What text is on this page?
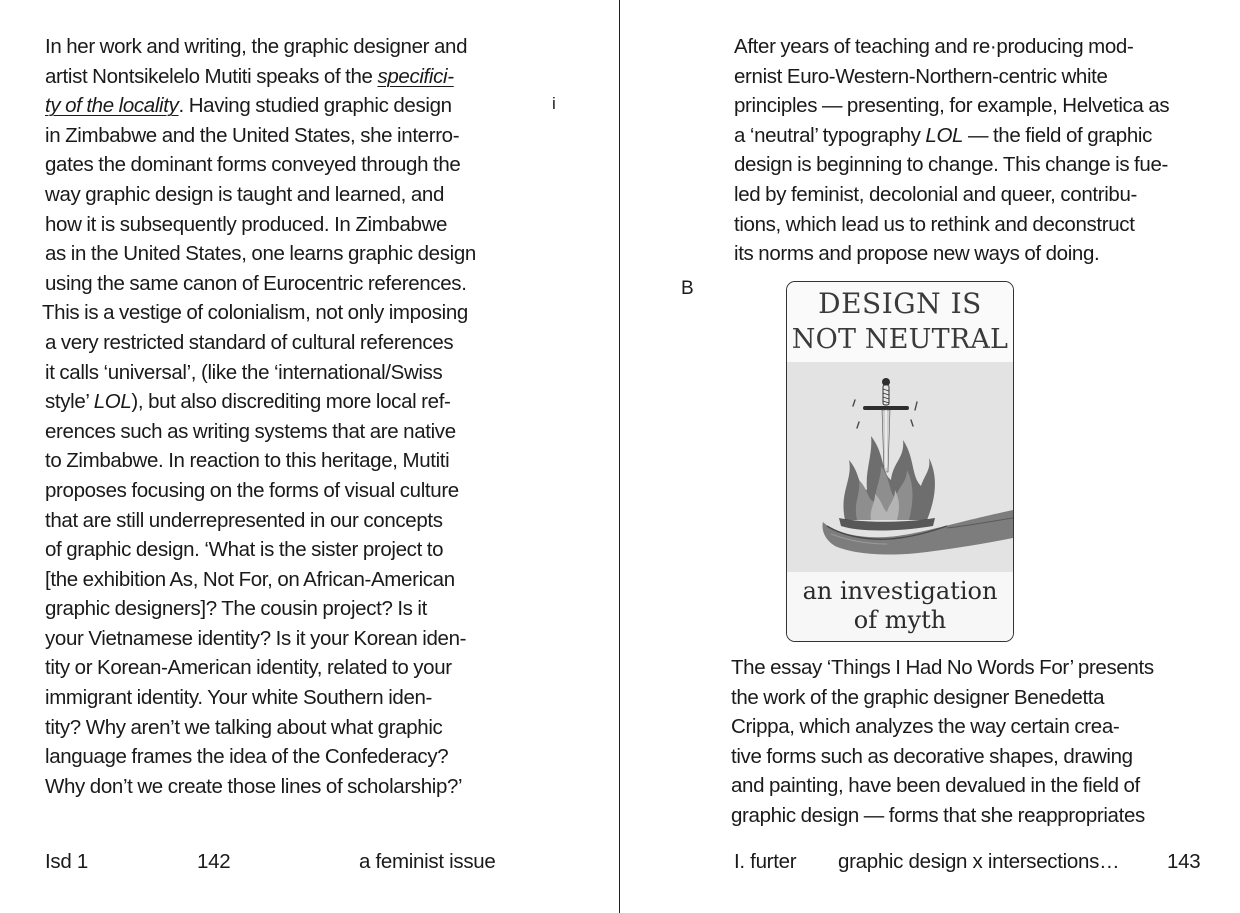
In her work and writing, the graphic designer and
artist Nontsikelelo Mutiti speaks of the specifici-
ty of the locality. Having studied graphic design
in Zimbabwe and the United States, she interro-
gates the dominant forms conveyed through the
way graphic design is taught and learned, and
how it is subsequently produced. In Zimbabwe
as in the United States, one learns graphic design
using the same canon of Eurocentric references.
This is a vestige of colonialism, not only imposing
a very restricted standard of cultural references
it calls ‘universal’, (like the ‘international/Swiss
style’ LOL), but also discrediting more local ref-
erences such as writing systems that are native
to Zimbabwe. In reaction to this heritage, Mutiti
proposes focusing on the forms of visual culture
that are still underrepresented in our concepts
of graphic design. ‘What is the sister project to
[the exhibition As, Not For, on African-American
graphic designers]? The cousin project? Is it
your Vietnamese identity? Is it your Korean iden-
tity or Korean-American identity, related to your
immigrant identity. Your white Southern iden-
tity? Why aren’t we talking about what graphic
language frames the idea of the Confederacy?
Why don’t we create those lines of scholarship?’
i
Isd 1	142	a feminist issue
After years of teaching and re·producing mod-
ernist Euro-Western-Northern-centric white
principles — presenting, for example, Helvetica as
a ‘neutral’ typography LOL — the field of graphic
design is beginning to change. This change is fue-
led by feminist, decolonial and queer, contribu-
tions, which lead us to rethink and deconstruct
its norms and propose new ways of doing.
B	DESIGN IS
NOT NEUTRAL
an investigation
of myth
The essay ‘Things I Had No Words For’ presents
the work of the graphic designer Benedetta
Crippa, which analyzes the way certain crea-
tive forms such as decorative shapes, drawing
and painting, have been devalued in the field of
graphic design — forms that she reappropriates
I. furter graphic design x intersections… 143
